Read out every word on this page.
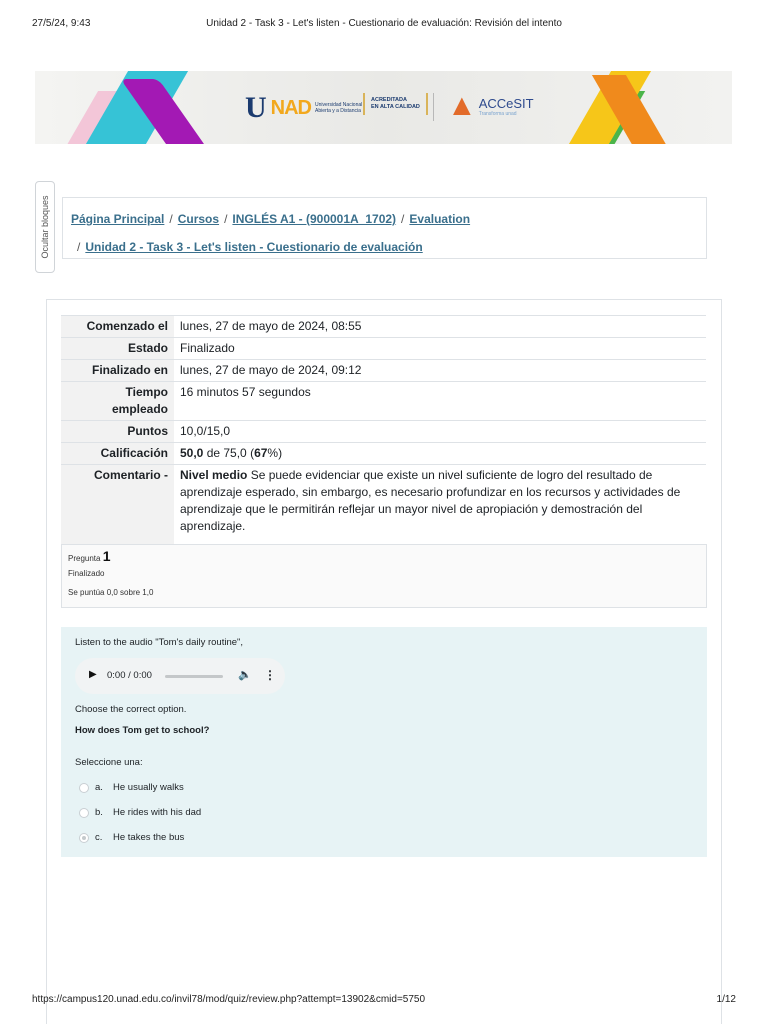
27/5/24, 9:43	Unidad 2 - Task 3 - Let's listen - Cuestionario de evaluación: Revisión del intento
U NAD Universidad Nacional Abierta y a Distancia
ACREDITADA
EN ALTA CALIDAD ▲ ACCeSIT
Transforma unad
Ocultar bloques Página Principal / Cursos / INGLÉS A1 - (900001A_1702) / Evaluation
/ Unidad 2 - Task 3 - Let's listen - Cuestionario de evaluación
Comenzado el	lunes, 27 de mayo de 2024, 08:55
Estado	Finalizado
Finalizado en	lunes, 27 de mayo de 2024, 09:12
Tiempo
empleado	16 minutos 57 segundos
Puntos	10,0/15,0
Calificación	50,0 de 75,0 (67%)
Comentario -	Nivel medio Se puede evidenciar que existe un nivel suficiente de logro del resultado de aprendizaje esperado, sin embargo, es necesario profundizar en los recursos y actividades de aprendizaje que le permitirán reflejar un mayor nivel de apropiación y demostración del aprendizaje.
Pregunta 1
Finalizado
Se puntúa 0,0 sobre 1,0
Listen to the audio "Tom's daily routine",
▶ 0:00 / 0:00	🔈 ⋮
Choose the correct option.
How does Tom get to school?
Seleccione una:
a.	He usually walks
b.	He rides with his dad
c.	He takes the bus
https://campus120.unad.edu.co/invil78/mod/quiz/review.php?attempt=13902&cmid=5750	1/12
